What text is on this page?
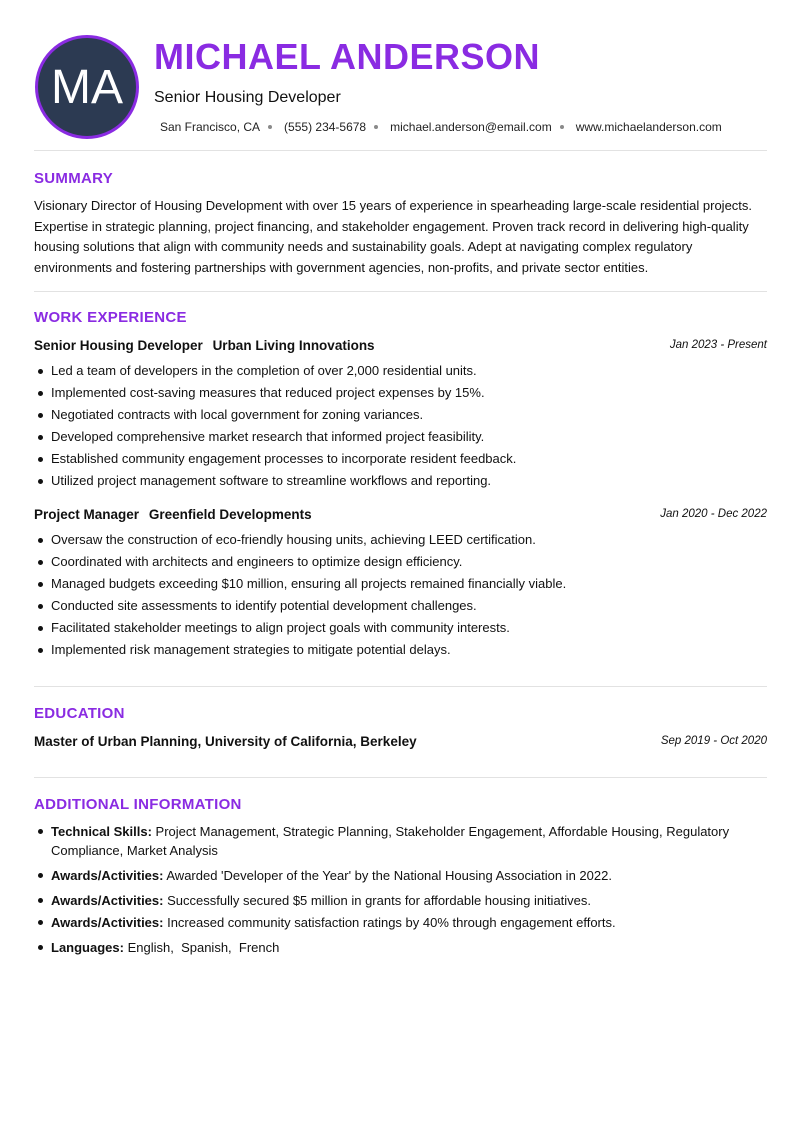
MA
MICHAEL ANDERSON
Senior Housing Developer
San Francisco, CA (555) 234-5678 michael.anderson@email.com www.michaelanderson.com
SUMMARY
Visionary Director of Housing Development with over 15 years of experience in spearheading large-scale residential projects. Expertise in strategic planning, project financing, and stakeholder engagement. Proven track record in delivering high-quality housing solutions that align with community needs and sustainability goals. Adept at navigating complex regulatory environments and fostering partnerships with government agencies, non-profits, and private sector entities.
WORK EXPERIENCE
Senior Housing Developer Urban Living Innovations	Jan 2023 - Present
Led a team of developers in the completion of over 2,000 residential units.
Implemented cost-saving measures that reduced project expenses by 15%.
Negotiated contracts with local government for zoning variances.
Developed comprehensive market research that informed project feasibility.
Established community engagement processes to incorporate resident feedback.
Utilized project management software to streamline workflows and reporting.
Project Manager Greenfield Developments	Jan 2020 - Dec 2022
Oversaw the construction of eco-friendly housing units, achieving LEED certification.
Coordinated with architects and engineers to optimize design efficiency.
Managed budgets exceeding $10 million, ensuring all projects remained financially viable.
Conducted site assessments to identify potential development challenges.
Facilitated stakeholder meetings to align project goals with community interests.
Implemented risk management strategies to mitigate potential delays.
EDUCATION
Master of Urban Planning, University of California, Berkeley	Sep 2019 - Oct 2020
ADDITIONAL INFORMATION
Technical Skills: Project Management, Strategic Planning, Stakeholder Engagement, Affordable Housing, Regulatory Compliance, Market Analysis
Awards/Activities: Awarded 'Developer of the Year' by the National Housing Association in 2022.
Awards/Activities: Successfully secured $5 million in grants for affordable housing initiatives.
Awards/Activities: Increased community satisfaction ratings by 40% through engagement efforts.
Languages: English,  Spanish,  French
